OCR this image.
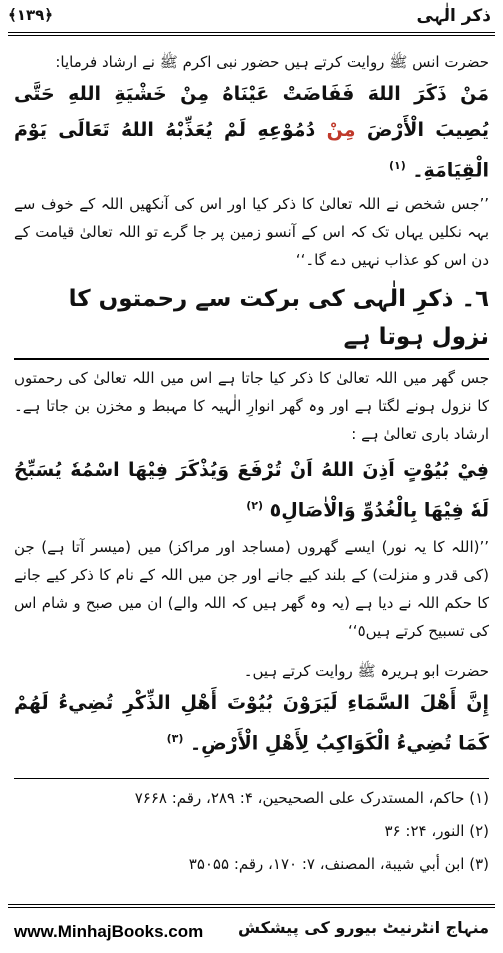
﴿۱۳۹﴾	ذکر الٰہی

حضرت انس ﷺ روایت کرتے ہیں حضور نبی اکرم ﷺ نے ارشاد فرمایا:

مَنْ ذَكَرَ اللهَ فَفَاضَتْ عَيْنَاهُ مِنْ خَشْيَةِ اللهِ حَتَّى يُصِيبَ الْأَرْضَ مِنْ دُمُوْعِهِ لَمْ يُعَذِّبْهُ اللهُ تَعَالَى يَوْمَ الْقِيَامَةِ۔ $^{(۱)}$

’’جس شخص نے اللہ تعالیٰ کا ذکر کیا اور اس کی آنکھیں اللہ کے خوف سے بہہ نکلیں یہاں تک کہ اس کے آنسو زمین پر جا گرے تو اللہ تعالیٰ قیامت کے دن اس کو عذاب نہیں دے گا۔‘‘

٦۔ ذکرِ الٰہی کی برکت سے رحمتوں کا نزول ہوتا ہے

جس گھر میں اللہ تعالیٰ کا ذکر کیا جاتا ہے اس میں اللہ تعالیٰ کی رحمتوں کا نزول ہونے لگتا ہے اور وہ گھر انوارِ الٰہیہ کا مہبط و مخزن بن جاتا ہے۔ ارشاد باری تعالیٰ ہے :

فِيْ بُيُوْتٍ اَذِنَ اللهُ اَنْ تُرْفَعَ وَيُذْكَرَ فِيْهَا اسْمُهٗ يُسَبِّحُ لَهٗ فِيْهَا بِالْغُدُوِّ وَالْاٰصَالِ٥ $^{(۲)}$

’’(اللہ کا یہ نور) ایسے گھروں (مساجد اور مراکز) میں (میسر آتا ہے) جن (کی قدر و منزلت) کے بلند کیے جانے اور جن میں اللہ کے نام کا ذکر کیے جانے کا حکم اللہ نے دیا ہے (یہ وہ گھر ہیں کہ اللہ والے) ان میں صبح و شام اس کی تسبیح کرتے ہیں٥‘‘

حضرت ابو ہریرہ ﷺ روایت کرتے ہیں۔

إِنَّ أَهْلَ السَّمَاءِ لَيَرَوْنَ بُيُوْتَ أَهْلِ الذِّكْرِ تُضِيءُ لَهُمْ كَمَا تُضِيءُ الْكَوَاكِبُ لِأَهْلِ الْأَرْضِ۔ $^{(۳)}$

(۱) حاکم، المستدرک علی الصحیحین، ۴: ۲۸۹، رقم: ۷۶۶۸

(۲) النور، ۲۴: ۳۶

(۳) ابن أبي شیبة، المصنف، ۷: ۱۷۰، رقم: ۳۵۰۵۵

www.MinhajBooks.com منہاج انٹرنیٹ بیورو کی پیشکش
